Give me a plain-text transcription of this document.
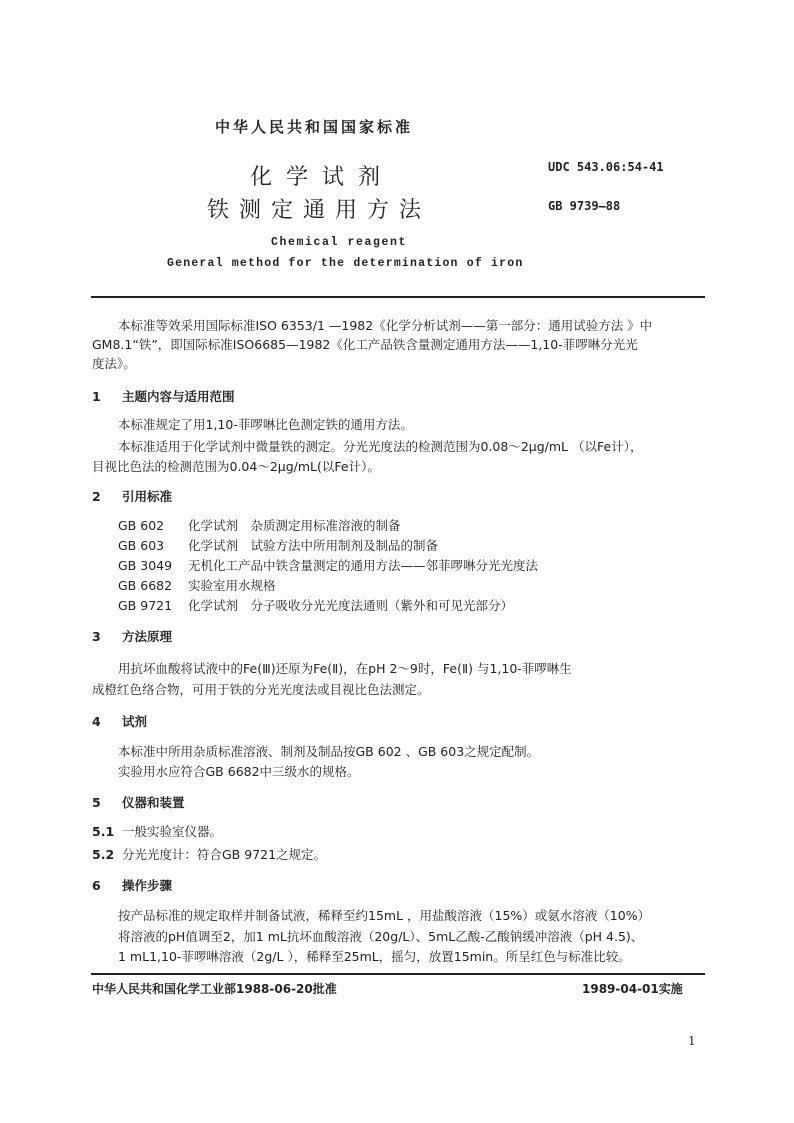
中华人民共和国国家标准
化学试剂
铁测定通用方法
UDC 543.06:54-41
GB 9739—88
Chemical reagent
General method for the determination of iron
本标准等效采用国际标准ISO 6353/1 —1982《化学分析试剂——第一部分：通用试验方法 》中
GM8.1“铁”，即国际标准ISO6685—1982《化工产品铁含量测定通用方法——1,10-菲啰啉分光光
度法》。
1 主题内容与适用范围
本标准规定了用1,10-菲啰啉比色测定铁的通用方法。
本标准适用于化学试剂中微量铁的测定。分光光度法的检测范围为0.08～2μg/mL （以Fe计），
目视比色法的检测范围为0.04～2μg/mL(以Fe计）。
2 引用标准
GB 602 化学试剂　杂质测定用标准溶液的制备
GB 603 化学试剂　试验方法中所用制剂及制品的制备
GB 3049 无机化工产品中铁含量测定的通用方法——邻菲啰啉分光光度法
GB 6682 实验室用水规格
GB 9721 化学试剂　分子吸收分光光度法通则（紫外和可见光部分）
3 方法原理
用抗坏血酸将试液中的Fe(Ⅲ)还原为Fe(Ⅱ)，在pH 2～9时，Fe(Ⅱ) 与1,10-菲啰啉生
成橙红色络合物，可用于铁的分光光度法或目视比色法测定。
4 试剂
本标准中所用杂质标准溶液、制剂及制品按GB 602 、GB 603之规定配制。
实验用水应符合GB 6682中三级水的规格。
5 仪器和装置
5.1 一般实验室仪器。
5.2 分光光度计：符合GB 9721之规定。
6 操作步骤
按产品标准的规定取样并制备试液，稀释至约15mL ，用盐酸溶液（15%）或氨水溶液（10%）
将溶液的pH值调至2，加1 mL抗坏血酸溶液（20g/L）、5mL乙酸-乙酸钠缓冲溶液（pH 4.5)、
1 mL1,10-菲啰啉溶液（2g/L ），稀释至25mL，摇匀，放置15min。所呈红色与标准比较。
中华人民共和国化学工业部1988-06-20批准	1989-04-01实施
1
